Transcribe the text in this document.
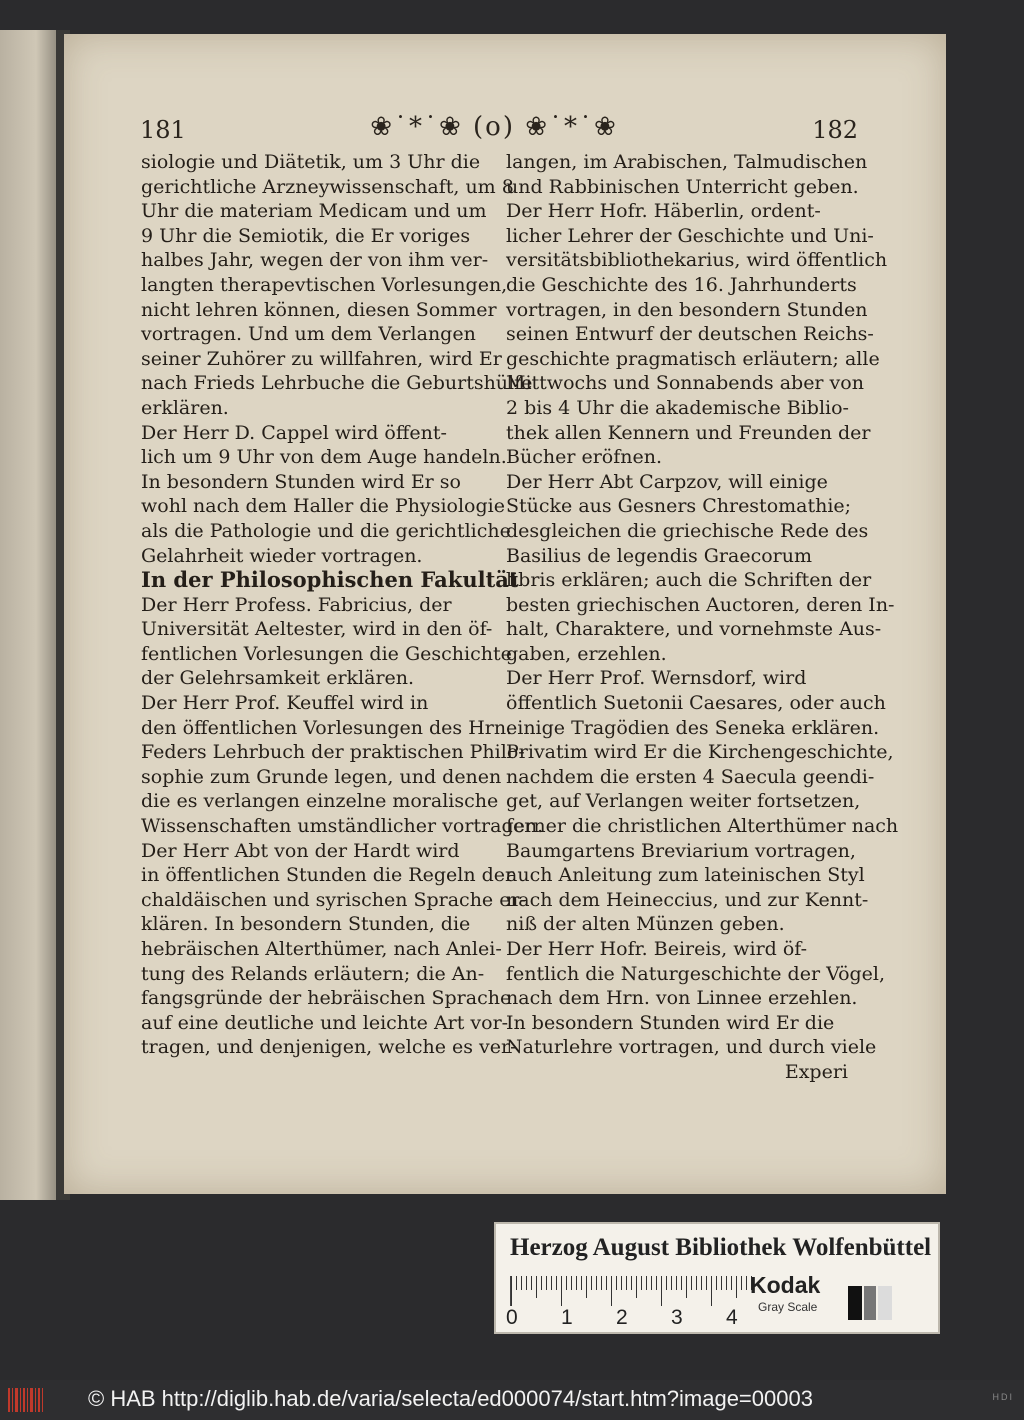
181	❀˙*˙❀ (o) ❀˙*˙❀	182
siologie und Diätetik, um 3 Uhr die
gerichtliche Arzneywissenschaft, um 8
Uhr die materiam Medicam und um
9 Uhr die Semiotik, die Er voriges
halbes Jahr, wegen der von ihm ver-
langten therapevtischen Vorlesungen,
nicht lehren können, diesen Sommer
vortragen. Und um dem Verlangen
seiner Zuhörer zu willfahren, wird Er
nach Frieds Lehrbuche die Geburtshülfe
erklären.
Der Herr D. Cappel wird öffent-
lich um 9 Uhr von dem Auge handeln.
In besondern Stunden wird Er so
wohl nach dem Haller die Physiologie
als die Pathologie und die gerichtliche
Gelahrheit wieder vortragen.
In der Philosophischen Fakultät
Der Herr Profess. Fabricius, der
Universität Aeltester, wird in den öf-
fentlichen Vorlesungen die Geschichte
der Gelehrsamkeit erklären.
Der Herr Prof. Keuffel wird in
den öffentlichen Vorlesungen des Hrn.
Feders Lehrbuch der praktischen Philo-
sophie zum Grunde legen, und denen
die es verlangen einzelne moralische
Wissenschaften umständlicher vortragen.
Der Herr Abt von der Hardt wird
in öffentlichen Stunden die Regeln der
chaldäischen und syrischen Sprache er-
klären. In besondern Stunden, die
hebräischen Alterthümer, nach Anlei-
tung des Relands erläutern; die An-
fangsgründe der hebräischen Sprache
auf eine deutliche und leichte Art vor-
tragen, und denjenigen, welche es ver-
langen, im Arabischen, Talmudischen
und Rabbinischen Unterricht geben.
Der Herr Hofr. Häberlin, ordent-
licher Lehrer der Geschichte und Uni-
versitätsbibliothekarius, wird öffentlich
die Geschichte des 16. Jahrhunderts
vortragen, in den besondern Stunden
seinen Entwurf der deutschen Reichs-
geschichte pragmatisch erläutern; alle
Mittwochs und Sonnabends aber von
2 bis 4 Uhr die akademische Biblio-
thek allen Kennern und Freunden der
Bücher eröfnen.
Der Herr Abt Carpzov, will einige
Stücke aus Gesners Chrestomathie;
desgleichen die griechische Rede des
Basilius de legendis Graecorum
libris erklären; auch die Schriften der
besten griechischen Auctoren, deren In-
halt, Charaktere, und vornehmste Aus-
gaben, erzehlen.
Der Herr Prof. Wernsdorf, wird
öffentlich Suetonii Caesares, oder auch
einige Tragödien des Seneka erklären.
Privatim wird Er die Kirchengeschichte,
nachdem die ersten 4 Saecula geendi-
get, auf Verlangen weiter fortsetzen,
ferner die christlichen Alterthümer nach
Baumgartens Breviarium vortragen,
auch Anleitung zum lateinischen Styl
nach dem Heineccius, und zur Kennt-
niß der alten Münzen geben.
Der Herr Hofr. Beireis, wird öf-
fentlich die Naturgeschichte der Vögel,
nach dem Hrn. von Linnee erzehlen.
In besondern Stunden wird Er die
Naturlehre vortragen, und durch viele
Experi
Herzog August Bibliothek Wolfenbüttel
0 1 2 3 4
Kodak
Gray Scale
© HAB http://diglib.hab.de/varia/selecta/ed000074/start.htm?image=00003	HDI
